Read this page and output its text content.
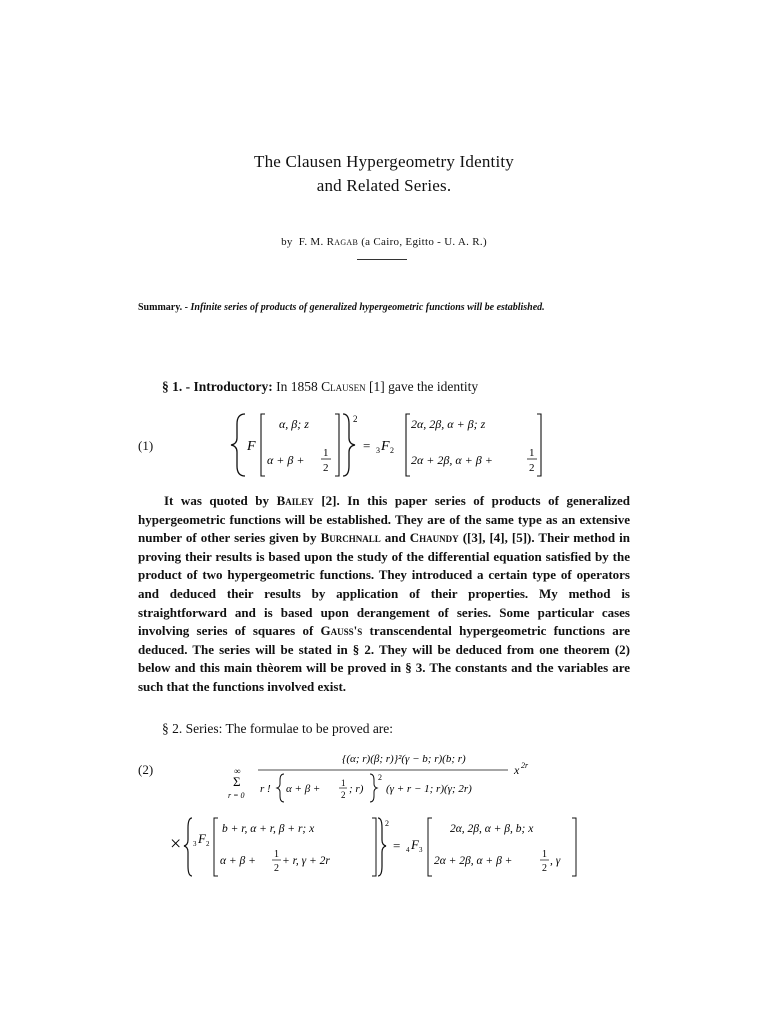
The Clausen Hypergeometry Identity
and Related Series.
by F. M. Ragab (a Cairo, Egitto - U. A. R.)
Summary. - Infinite series of products of generalized hypergeometric functions will be established.
§ 1. - Introductory: In 1858 Clausen [1] gave the identity
(1)	F
α, β; z
α + β + 1
2
2
= 3 F 2
2α, 2β, α + β; z
2α + 2β, α + β +	1
2

It was quoted by Bailey [2]. In this paper series of products of generalized hypergeometric functions will be established. They are of the same type as an extensive number of other series given by Burchnall and Chaundy ([3], [4], [5]). Their method in proving their results is based upon the study of the differential equation satisfied by the product of two hypergeometric functions. They introduced a certain type of operators and deduced their results by application of their properties. My method is straightforward and is based upon derangement of series. Some particular cases involving series of squares of Gauss's transcendental hypergeometric functions are deduced. The series will be stated in § 2. They will be deduced from one theorem (2) below and this main thèorem will be proved in § 3. The constants and the variables are such that the functions involved exist.

§ 2. Series: The formulae to be proved are:
(2)	∞
Σ
r = 0
{(α; r)(β; r)}²(γ − b; r)(b; r)
r ! α + β + 1
2 ; r)
2
(γ + r − 1; r)(γ; 2r)
x 2r
× 3 F 2
b + r, α + r, β + r; x
α + β +
1
2
+ r, γ + 2r
2
= 4 F 3
2α, 2β, α + β, b; x
2α + 2β, α + β +
1
2
, γ
